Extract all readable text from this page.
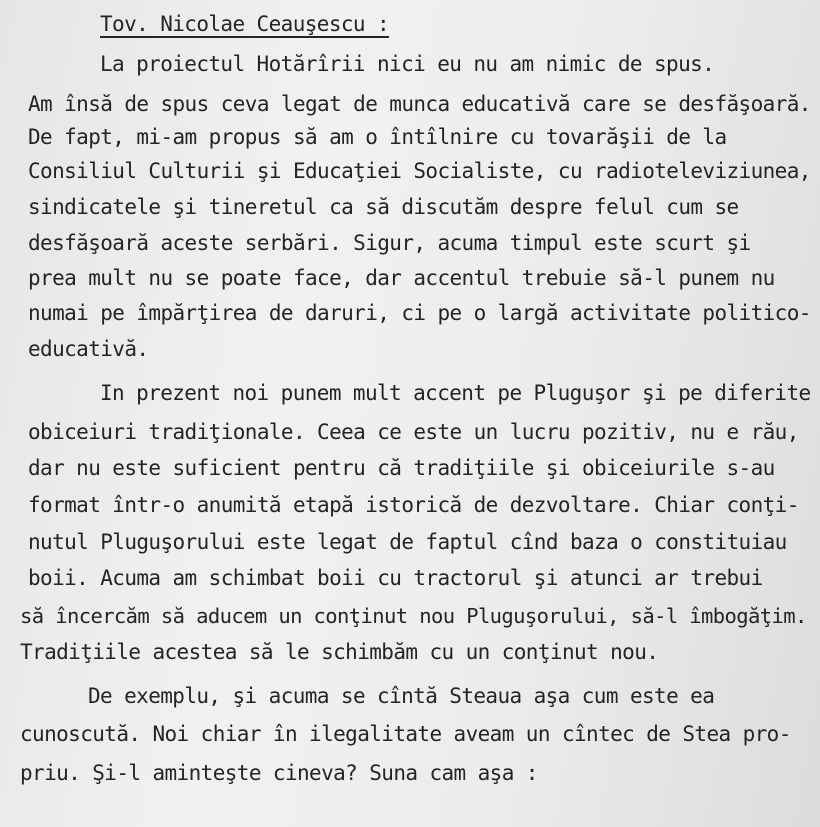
Tov. Nicolae Ceauşescu :
La proiectul Hotărîrii nici eu nu am nimic de spus.
Am însă de spus ceva legat de munca educativă care se desfăşoară.
De fapt, mi-am propus să am o întîlnire cu tovarăşii de la
Consiliul Culturii şi Educaţiei Socialiste, cu radioteleviziunea,
sindicatele şi tineretul ca să discutăm despre felul cum se
desfăşoară aceste serbări. Sigur, acuma timpul este scurt şi
prea mult nu se poate face, dar accentul trebuie să-l punem nu
numai pe împărţirea de daruri, ci pe o largă activitate politico-
educativă.
In prezent noi punem mult accent pe Pluguşor şi pe diferite
obiceiuri tradiţionale. Ceea ce este un lucru pozitiv, nu e rău,
dar nu este suficient pentru că tradiţiile şi obiceiurile s-au
format într-o anumită etapă istorică de dezvoltare. Chiar conţi-
nutul Pluguşorului este legat de faptul cînd baza o constituiau
boii. Acuma am schimbat boii cu tractorul şi atunci ar trebui
să încercăm să aducem un conţinut nou Pluguşorului, să-l îmbogăţim.
Tradiţiile acestea să le schimbăm cu un conţinut nou.
De exemplu, şi acuma se cîntă Steaua aşa cum este ea
cunoscută. Noi chiar în ilegalitate aveam un cîntec de Stea pro-
priu. Şi-l aminteşte cineva? Suna cam aşa :
